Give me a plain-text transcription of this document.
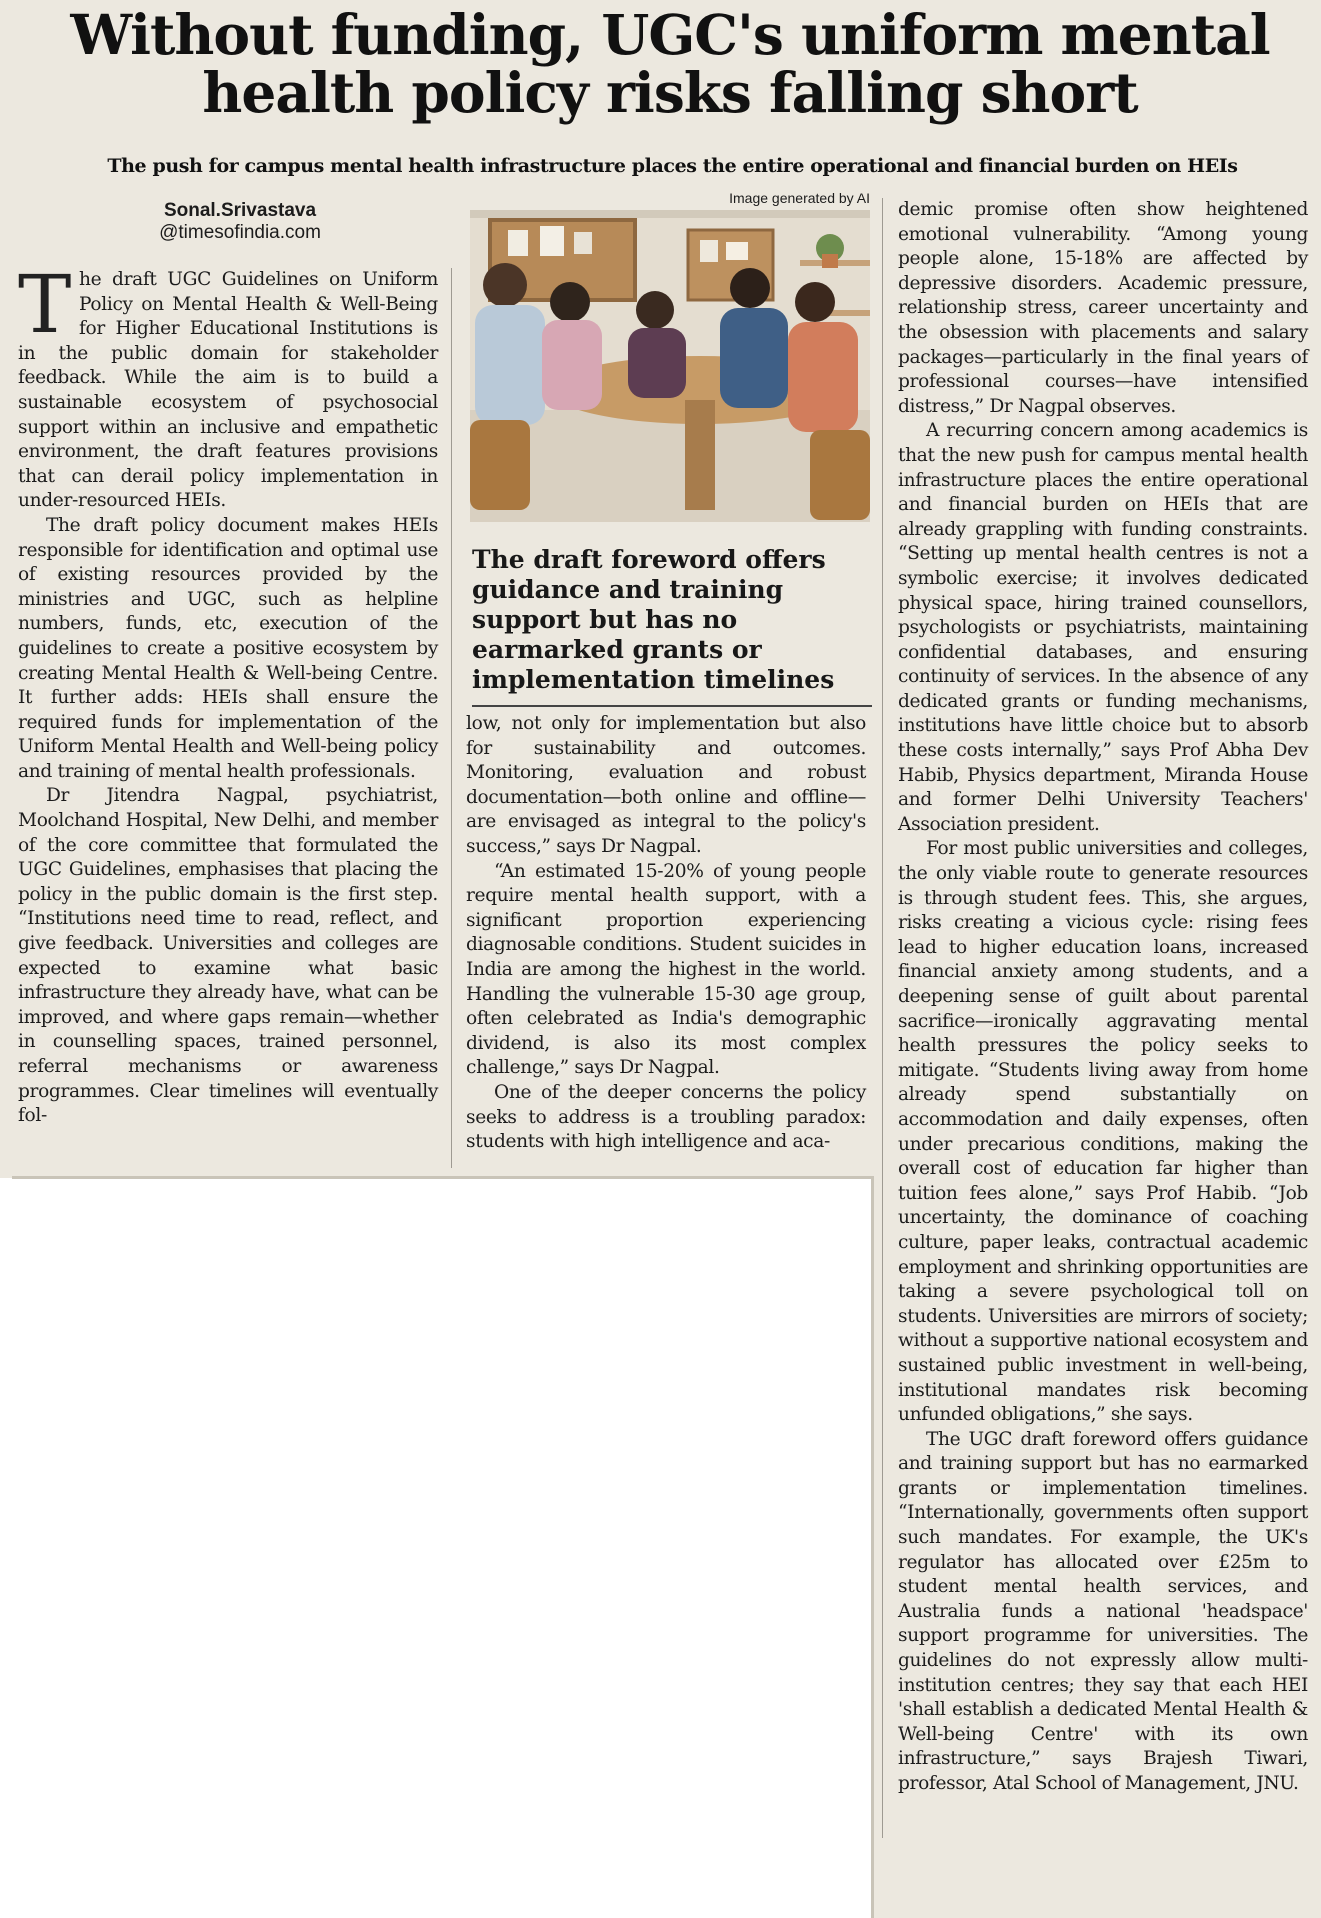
Without funding, UGC's uniform mental health policy risks falling short
The push for campus mental health infrastructure places the entire operational and financial burden on HEIs
Sonal.Srivastava
@timesofindia.com
Image generated by AI
The draft foreword offers guidance and training support but has no earmarked grants or implementation timelines

The draft UGC Guidelines on Uniform Policy on Mental Health & Well-Being for Higher Educational Institutions is in the public domain for stakeholder feedback. While the aim is to build a sustainable ecosystem of psychosocial support within an inclusive and empathetic environment, the draft features provisions that can derail policy implementation in under-resourced HEIs.

The draft policy document makes HEIs responsible for identification and optimal use of existing resources provided by the ministries and UGC, such as helpline numbers, funds, etc, execution of the guidelines to create a positive ecosystem by creating Mental Health & Well-being Centre. It further adds: HEIs shall ensure the required funds for implementation of the Uniform Mental Health and Well-being policy and training of mental health professionals.

Dr Jitendra Nagpal, psychiatrist, Moolchand Hospital, New Delhi, and member of the core committee that formulated the UGC Guidelines, emphasises that placing the policy in the public domain is the first step. “Institutions need time to read, reflect, and give feedback. Universities and colleges are expected to examine what basic infrastructure they already have, what can be improved, and where gaps remain—whether in counselling spaces, trained personnel, referral mechanisms or awareness programmes. Clear timelines will eventually fol-

low, not only for implementation but also for sustainability and outcomes. Monitoring, evaluation and robust documentation—both online and offline—are envisaged as integral to the policy's success,” says Dr Nagpal.

“An estimated 15-20% of young people require mental health support, with a significant proportion experiencing diagnosable conditions. Student suicides in India are among the highest in the world. Handling the vulnerable 15-30 age group, often celebrated as India's demographic dividend, is also its most complex challenge,” says Dr Nagpal.

One of the deeper concerns the policy seeks to address is a troubling paradox: students with high intelligence and aca-

demic promise often show heightened emotional vulnerability. “Among young people alone, 15-18% are affected by depressive disorders. Academic pressure, relationship stress, career uncertainty and the obsession with placements and salary packages—particularly in the final years of professional courses—have intensified distress,” Dr Nagpal observes.

A recurring concern among academics is that the new push for campus mental health infrastructure places the entire operational and financial burden on HEIs that are already grappling with funding constraints. “Setting up mental health centres is not a symbolic exercise; it involves dedicated physical space, hiring trained counsellors, psychologists or psychiatrists, maintaining confidential databases, and ensuring continuity of services. In the absence of any dedicated grants or funding mechanisms, institutions have little choice but to absorb these costs internally,” says Prof Abha Dev Habib, Physics department, Miranda House and former Delhi University Teachers' Association president.

For most public universities and colleges, the only viable route to generate resources is through student fees. This, she argues, risks creating a vicious cycle: rising fees lead to higher education loans, increased financial anxiety among students, and a deepening sense of guilt about parental sacrifice—ironically aggravating mental health pressures the policy seeks to mitigate. “Students living away from home already spend substantially on accommodation and daily expenses, often under precarious conditions, making the overall cost of education far higher than tuition fees alone,” says Prof Habib. “Job uncertainty, the dominance of coaching culture, paper leaks, contractual academic employment and shrinking opportunities are taking a severe psychological toll on students. Universities are mirrors of society; without a supportive national ecosystem and sustained public investment in well-being, institutional mandates risk becoming unfunded obligations,” she says.

The UGC draft foreword offers guidance and training support but has no earmarked grants or implementation timelines. “Internationally, governments often support such mandates. For example, the UK's regulator has allocated over £25m to student mental health services, and Australia funds a national 'headspace' support programme for universities. The guidelines do not expressly allow multi-institution centres; they say that each HEI 'shall establish a dedicated Mental Health & Well-being Centre' with its own infrastructure,” says Brajesh Tiwari, professor, Atal School of Management, JNU.
